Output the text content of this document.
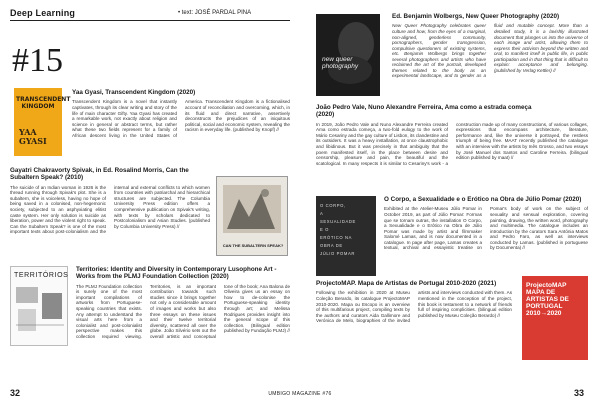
Deep Learning	• text: JOSÉ PARDAL PINA
#15
TRANSCENDENT KINGDOM
YAA GYASI
Yaa Gyasi, Transcendent Kingdom (2020)
Transcendent Kingdom is a novel that instantly captivates, through its clear writing and story of the life of main character Gifty. Yaa Gyasi has created a remarkable work, not exactly about religion and science in general or abstract terms, but rather what these two fields represent for a family of African descent living in the United States of America. Transcendent Kingdom is a fictionalised account of reconciliation and overcoming, which, in its fluid and direct narrative, assertively deconstructs the prejudices of an iniquitous political, social and economic system, revealing the racism in everyday life. (published by Knopf) //
Gayatri Chakravorty Spivak, in Ed. Rosalind Morris, Can the Subaltern Speak? (2010)
The suicide of an Indian woman in 1926 is the thread running through Spivak's plot. She is a subaltern, she is voiceless, having no hope of being saved in a colonised, non-hegemonic society, subjected to an asphyxiating elitist caste system. Her only solution is suicide as liberation, power and the violent right to speak. Can the Subaltern Speak? is one of the most important texts about post-colonialism and the internal and external conflicts to which women from countries with patriarchal and hierarchical structures are subjected. The Columbia University Press edition offers a comprehensive publication on Spivak's writing, with texts by scholars dedicated to Postcolonialism and Asian Studies. (published by Columbia University Press) //
CAN THE SUBALTERN SPEAK?
TERRITÓRIOS
Territories: Identity and Diversity in Contemporary Lusophone Art - Works from the PLMJ Foundation Collection (2020)
The PLMJ Foundation collection is surely one of the most important compilations of artworks from Portuguese-speaking countries that exists. Any attempt to understand the visual arts here from a colonialist and post-colonialist perspective makes this collection required viewing. Territories, is an important contribution towards such studies since it brings together not only a considerable amount of images and works but also three essays on these issues and their twelve territorial diversity, scattered all over the globe. João Silvério sets out the overall artistic and conceptual tone of the book; Ana Balona de Oliveira gives us an essay on how to de-colonise the Portuguese-speaking identity through art; and Melissa Rodrigues provides insight into the general scope of this collection. (Bilingual edition published by Fundação PLMJ) //
new queer photography
Ed. Benjamin Wolbergs, New Queer Photography (2020)
New Queer Photography celebrates queer culture and how, from the eyes of a marginal, non-aligned, genderless community, pornographers, gender transgression, compulsive questioners of existing systems, etc. Benjamin Wolbergs brings together several photographers and artists who have reclaimed the art of the portrait, developed themes related to the body as an experimental landscape, and to gender as a fluid and mutable concept. More than a detailed study, it is a lavishly illustrated document that plunges us into the universe of each image and artist, allowing them to express their activism beyond the written and oral, to manifest itself in public life, in public participation and in that thing that is difficult to explain: acceptance and belonging. (published by Verlag Kettler) //
João Pedro Vale, Nuno Alexandre Ferreira, Ama como a estrada começa (2020)
In 2019, João Pedro Vale and Nuno Alexandre Ferreira created Ama como estrada começa, a two-fold eulogy to the work of Mário Cesariny and the gay culture of Lisbon, its clandestine and its outsiders. It was a heavy installation, at once claustrophobic and libidinous. But it was precisely in that ambiguity that the poem manifested itself, in the place between desire and censorship, pleasure and pain, the beautiful and the scatological. In many respects it is similar to Cesariny's work - a construction made up of many constructions, of various collages, expressions that encompass architecture, literature, performance and, like the universe it portrayed, the restless triumph of being free. MAAT recently published the catalogue with an interview with the artists by Inês Grosso, and two essays by José Manuel dos Santos and Caroline Ferreira. (bilingual edition published by maat) //
O CORPO,
A
SEXUALIDADE
E O
ERÓTICO NA
OBRA DE
JÚLIO POMAR
O Corpo, a Sexualidade e o Erótico na Obra de Júlio Pomar (2020)
Exhibited at the Atelier-Museu Júlio Pomar in October 2019, as part of Júlio Pomar: Formas que se tornam outras, the installation O Corpo, a Sexualidade e o Erótico na Obra de Júlio Pomar was made by artist and filmmaker Salomé Lamas, and is now documented in a catalogue. In page after page, Lamas creates a textual, archival and essayistic treatise on Pomar's body of work on the subject of sexuality and sensual exploration, covering painting, drawing, the written word, photography and multimedia. The catalogue includes an introduction by the curators Sara Antónia Matos and Pedro Faro, as well as interviews conducted by Lamas. (published in portuguese by Documenta) //
ProjectoMAP. Mapa de Artistas de Portugal 2010-2020 (2021)
Following the exhibition in 2020 at Museu Coleção Berardo, its catalogue ProjectoMAP 2010-2020. Mapa ou Escopo is an overview of this multifarious project, compiling texts by the authors and curators Aida Gallimore and Verónica de Melo, biographies of the invited artists and interviews conducted with them. As mentioned in the conception of the project, this book is testament to a network of friends full of inspiring complicities. (bilingual edition published by Museu Coleção Berardo) //
ProjectoMAP
MAPA DE
ARTISTAS DE
PORTUGAL
2010→2020
32	UMBIGO MAGAZINE #76	33
